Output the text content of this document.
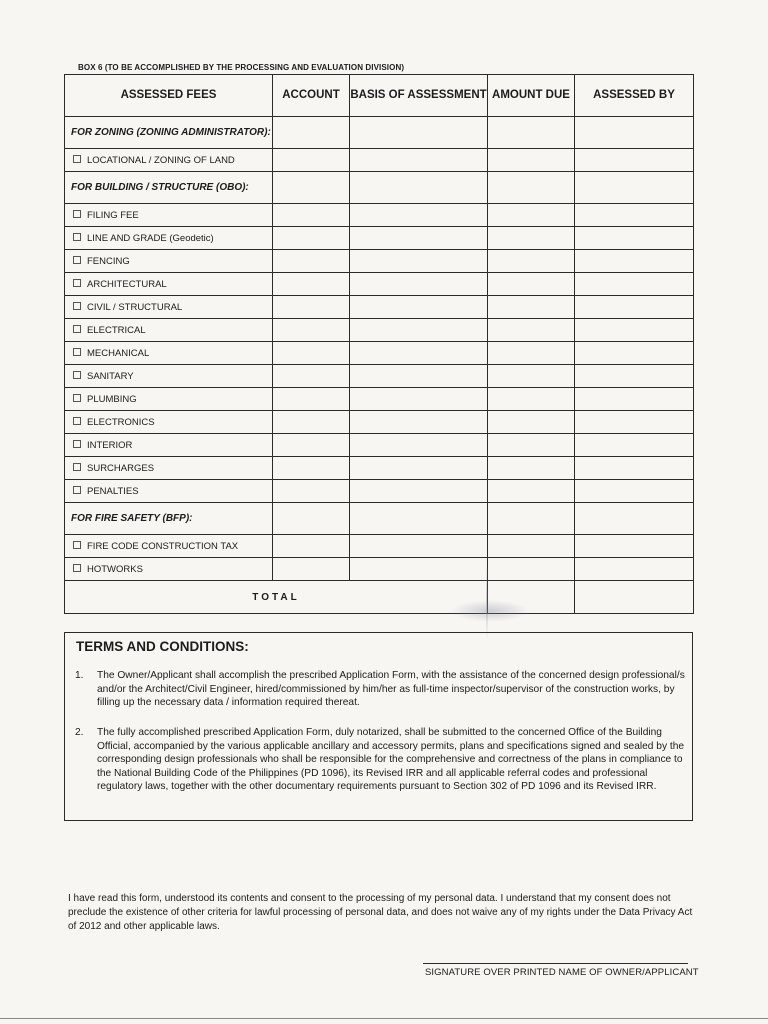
BOX 6 (TO BE ACCOMPLISHED BY THE PROCESSING AND EVALUATION DIVISION)
ASSESSED FEES	ACCOUNT	BASIS OF ASSESSMENT	AMOUNT DUE	ASSESSED BY
FOR ZONING (ZONING ADMINISTRATOR):				
LOCATIONAL / ZONING OF LAND				
FOR BUILDING / STRUCTURE (OBO):				
FILING FEE				
LINE AND GRADE (Geodetic)				
FENCING				
ARCHITECTURAL				
CIVIL / STRUCTURAL				
ELECTRICAL				
MECHANICAL				
SANITARY				
PLUMBING				
ELECTRONICS				
INTERIOR				
SURCHARGES				
PENALTIES				
FOR FIRE SAFETY (BFP):				
FIRE CODE CONSTRUCTION TAX				
HOTWORKS				
TOTAL				
TERMS AND CONDITIONS:
1.	The Owner/Applicant shall accomplish the prescribed Application Form, with the assistance of the concerned design professional/s and/or the Architect/Civil Engineer, hired/commissioned by him/her as full-time inspector/supervisor of the construction works, by filling up the necessary data / information required thereat.
2.	The fully accomplished prescribed Application Form, duly notarized, shall be submitted to the concerned Office of the Building Official, accompanied by the various applicable ancillary and accessory permits, plans and specifications signed and sealed by the corresponding design professionals who shall be responsible for the comprehensive and correctness of the plans in compliance to the National Building Code of the Philippines (PD 1096), its Revised IRR and all applicable referral codes and professional regulatory laws, together with the other documentary requirements pursuant to Section 302 of PD 1096 and its Revised IRR.
I have read this form, understood its contents and consent to the processing of my personal data. I understand that my consent does not preclude the existence of other criteria for lawful processing of personal data, and does not waive any of my rights under the Data Privacy Act of 2012 and other applicable laws.
SIGNATURE OVER PRINTED NAME OF OWNER/APPLICANT
